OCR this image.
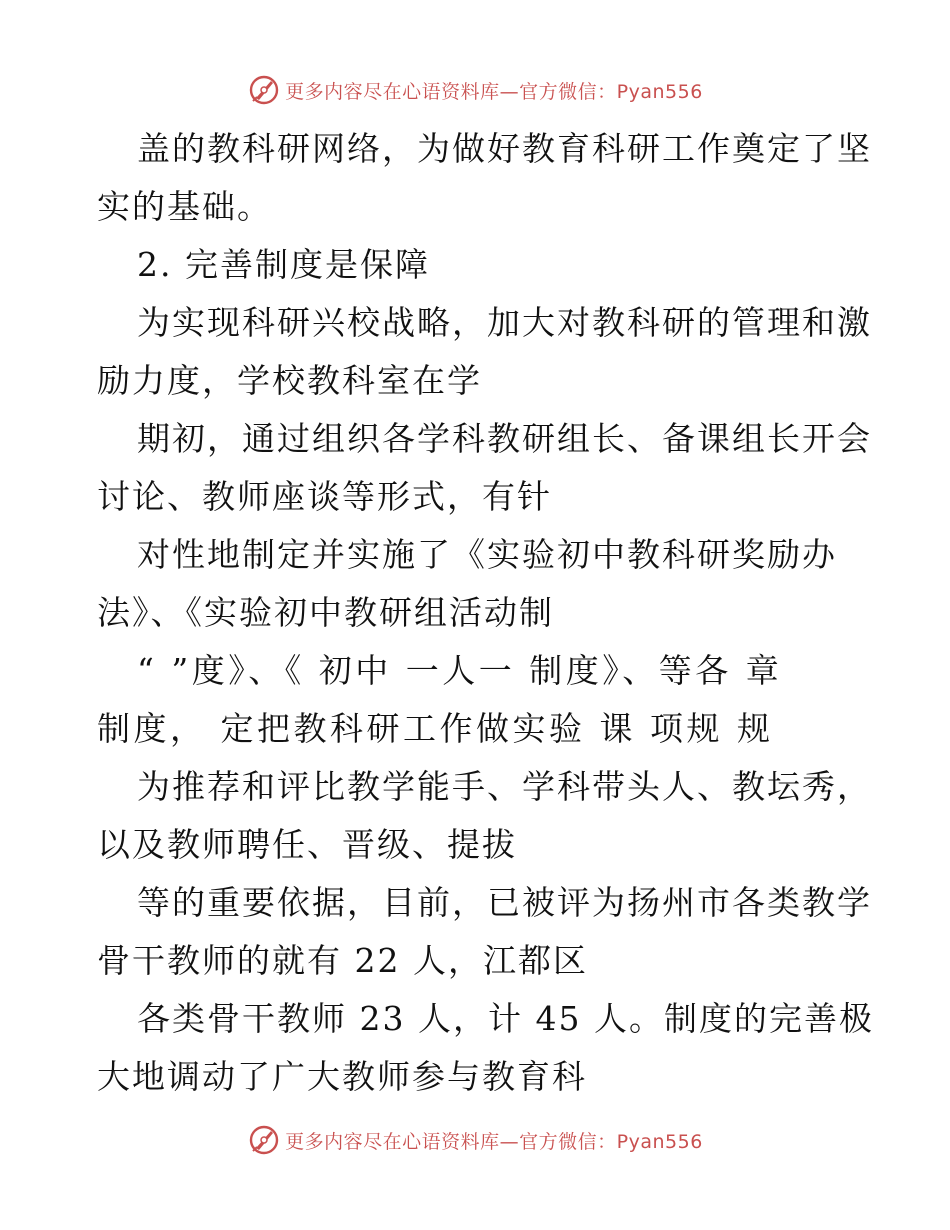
更多内容尽在心语资料库—官方微信：Pyan556
盖的教科研网络，为做好教育科研工作奠定了坚
实的基础。
2. 完善制度是保障
为实现科研兴校战略，加大对教科研的管理和激
励力度，学校教科室在学
期初，通过组织各学科教研组长、备课组长开会
讨论、教师座谈等形式，有针
对性地制定并实施了《实验初中教科研奖励办
法》、《实验初中教研组活动制
“ ”度》、《 初中 一人一 制度》、等各 章
制度， 定把教科研工作做实验 课 项规 规
为推荐和评比教学能手、学科带头人、教坛秀，
以及教师聘任、晋级、提拔
等的重要依据，目前，已被评为扬州市各类教学
骨干教师的就有 22 人，江都区
各类骨干教师 23 人，计 45 人。制度的完善极
大地调动了广大教师参与教育科
更多内容尽在心语资料库—官方微信：Pyan556
